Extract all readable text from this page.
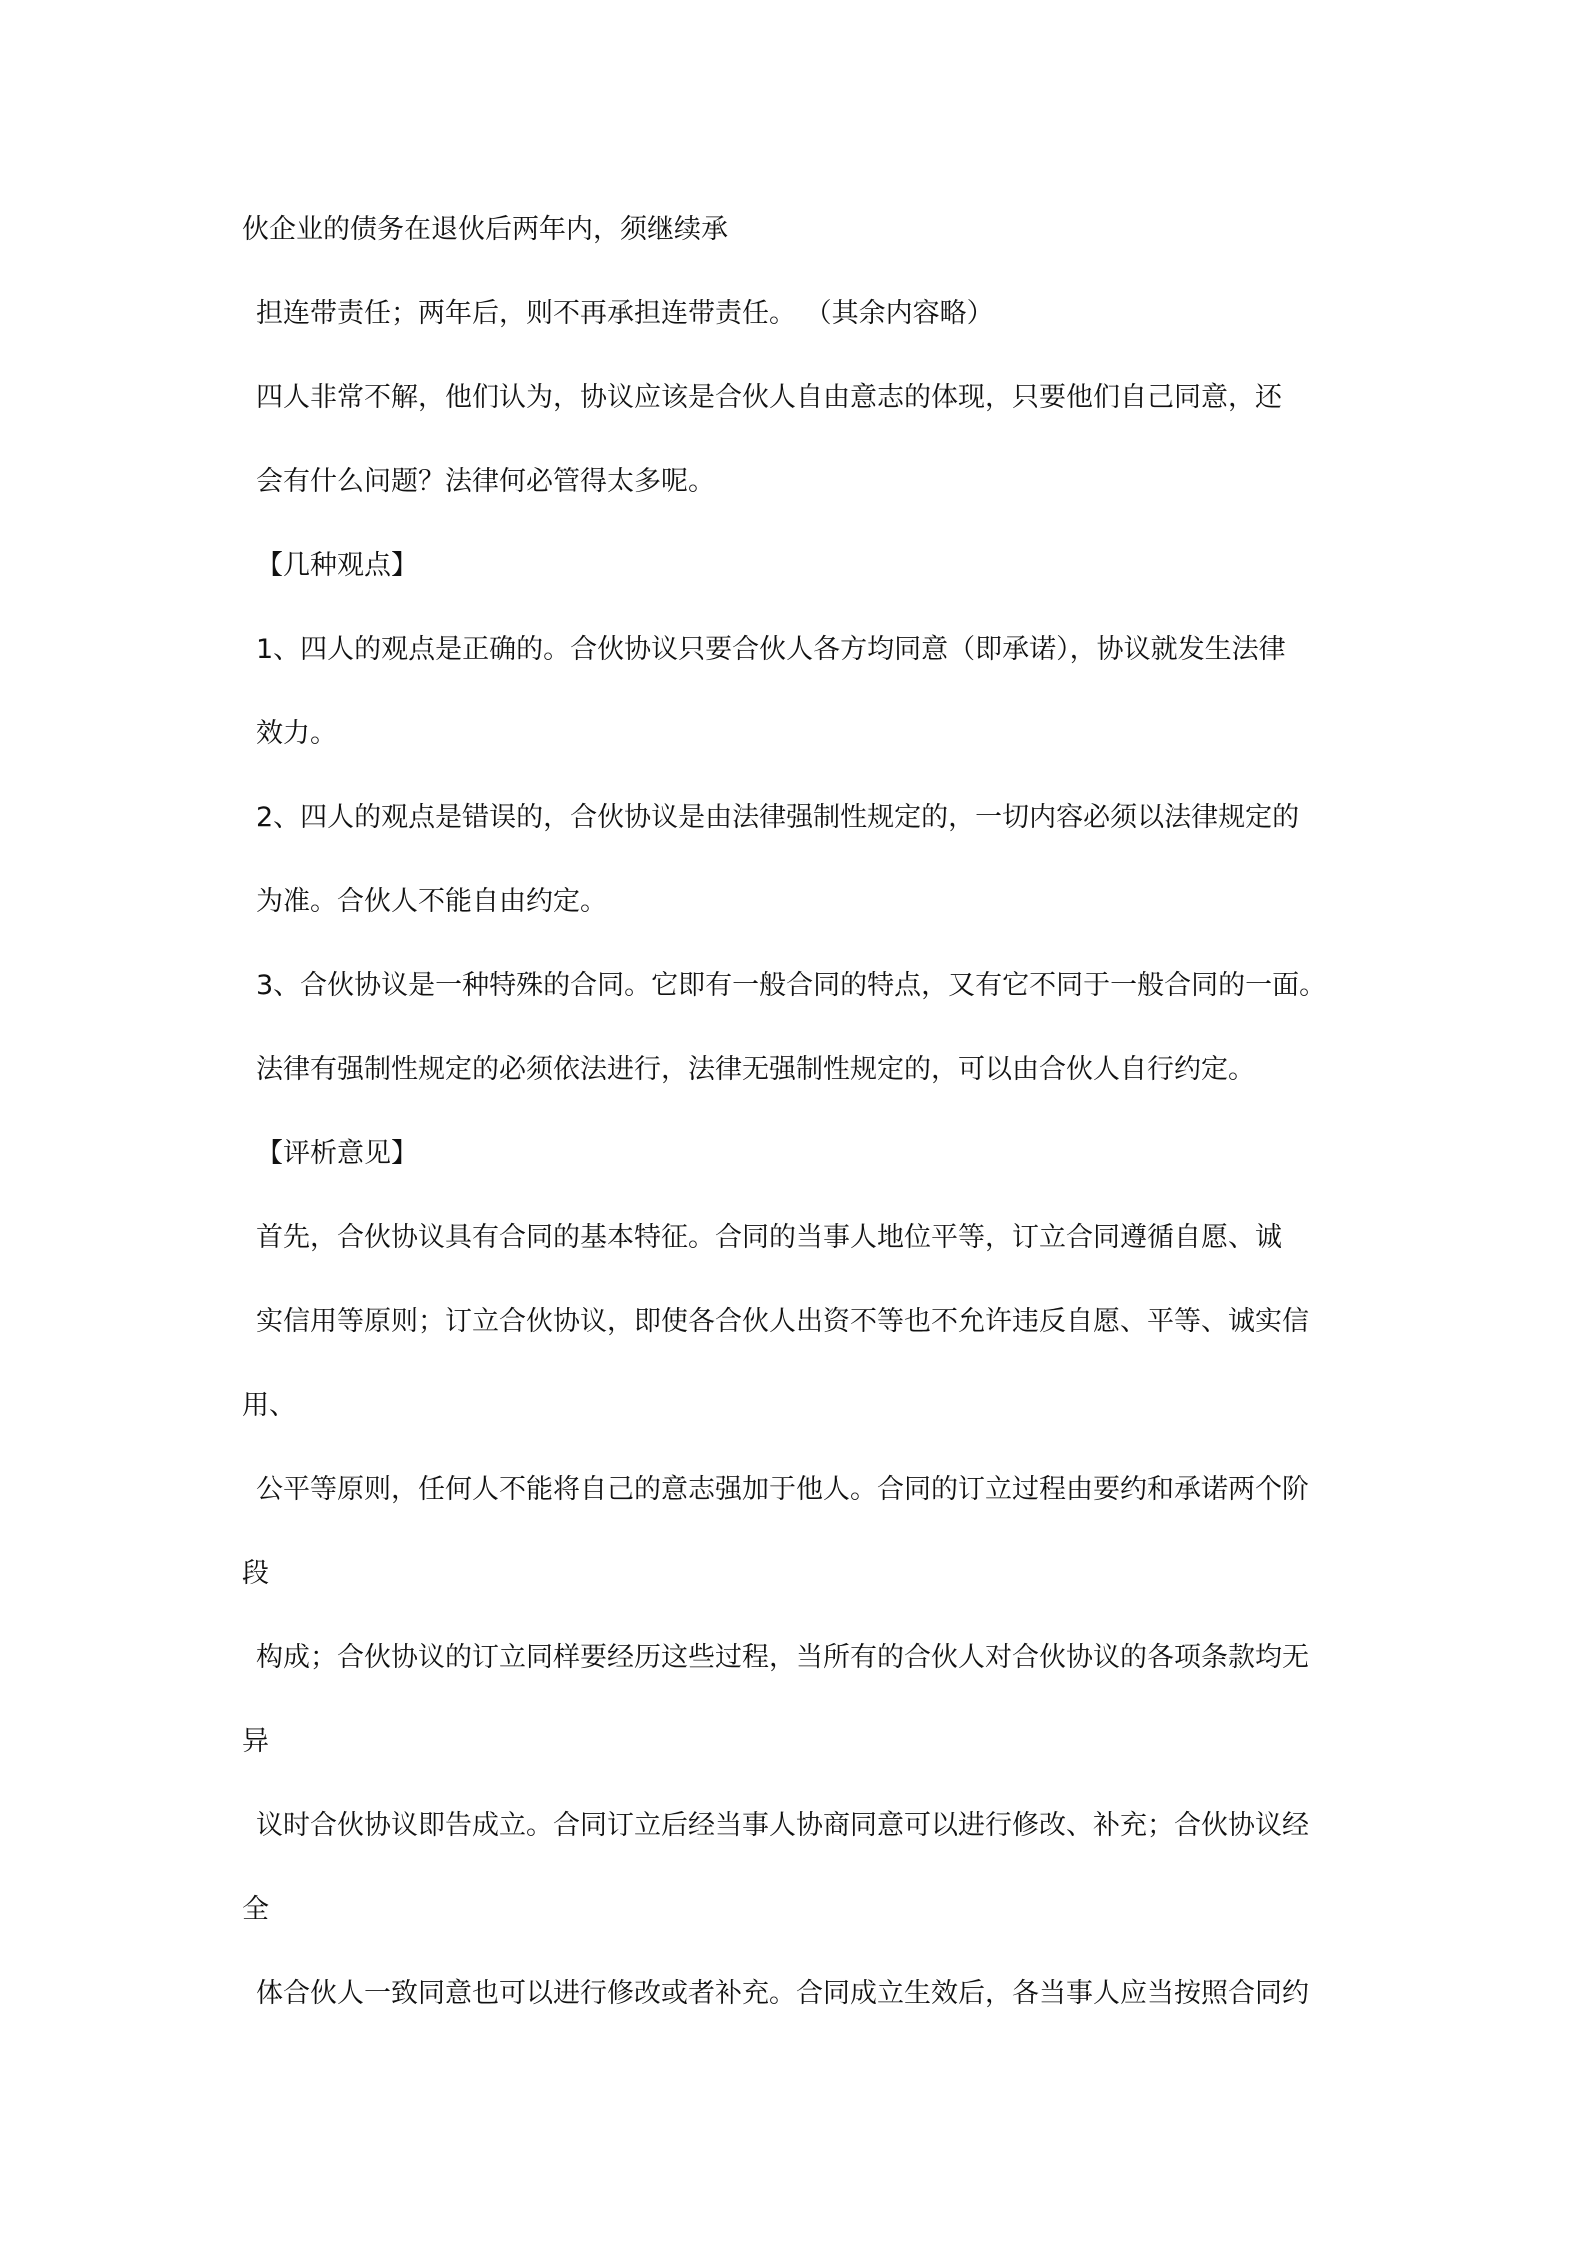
伙企业的债务在退伙后两年内，须继续承
担连带责任；两年后，则不再承担连带责任。 （其余内容略）
四人非常不解，他们认为，协议应该是合伙人自由意志的体现，只要他们自己同意，还
会有什么问题？法律何必管得太多呢。
【几种观点】
1、四人的观点是正确的。合伙协议只要合伙人各方均同意（即承诺），协议就发生法律
效力。
2、四人的观点是错误的，合伙协议是由法律强制性规定的，一切内容必须以法律规定的
为准。合伙人不能自由约定。
3、合伙协议是一种特殊的合同。它即有一般合同的特点，又有它不同于一般合同的一面。
法律有强制性规定的必须依法进行，法律无强制性规定的，可以由合伙人自行约定。
【评析意见】
首先，合伙协议具有合同的基本特征。合同的当事人地位平等，订立合同遵循自愿、诚
实信用等原则；订立合伙协议，即使各合伙人出资不等也不允许违反自愿、平等、诚实信
用、
公平等原则，任何人不能将自己的意志强加于他人。合同的订立过程由要约和承诺两个阶
段
构成；合伙协议的订立同样要经历这些过程，当所有的合伙人对合伙协议的各项条款均无
异
议时合伙协议即告成立。合同订立后经当事人协商同意可以进行修改、补充；合伙协议经
全
体合伙人一致同意也可以进行修改或者补充。合同成立生效后，各当事人应当按照合同约
